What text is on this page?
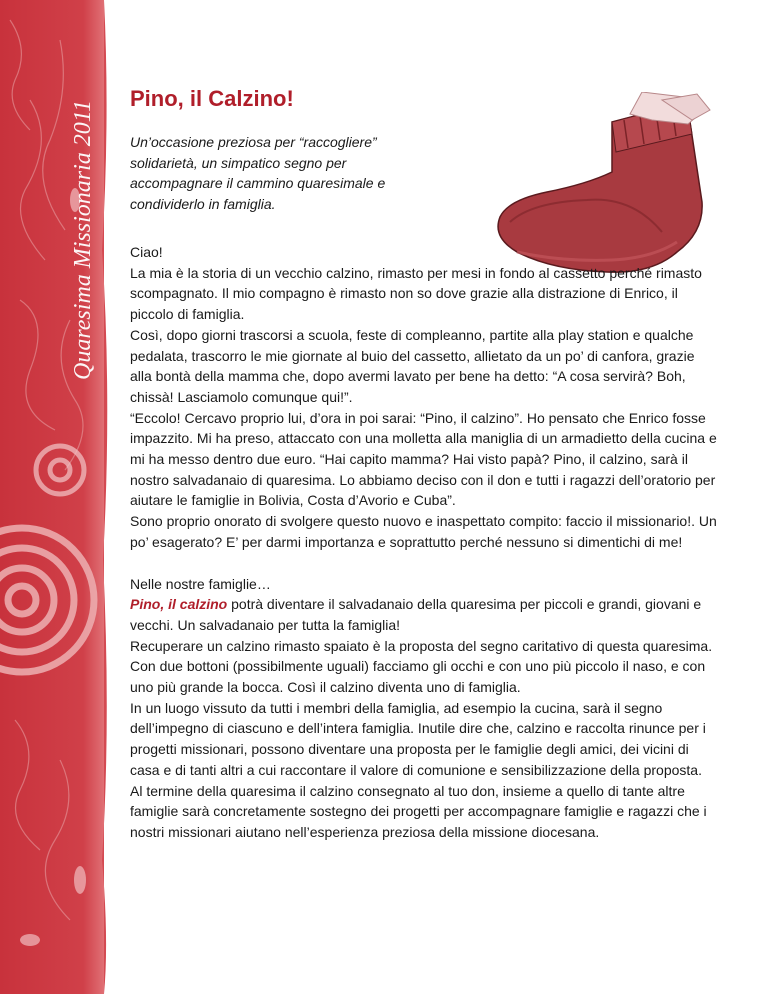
Quaresima Missionaria 2011
Pino, il Calzino!

Un’occasione preziosa per “raccogliere” solidarietà, un simpatico segno per accompagnare il cammino quaresimale e condividerlo in famiglia.

Ciao!
La mia è la storia di un vecchio calzino, rimasto per mesi in fondo al cassetto perché rimasto scompagnato. Il mio compagno è rimasto non so dove grazie alla distrazione di Enrico, il piccolo di famiglia.
Così, dopo giorni trascorsi a scuola, feste di compleanno, partite alla play station e qualche pedalata, trascorro le mie giornate al buio del cassetto, allietato da un po’ di canfora, grazie alla bontà della mamma che, dopo avermi lavato per bene ha detto: “A cosa servirà? Boh, chissà! Lasciamolo comunque qui!”.
“Eccolo! Cercavo proprio lui, d’ora in poi sarai: “Pino, il calzino”. Ho pensato che Enrico fosse impazzito. Mi ha preso, attaccato con una molletta alla maniglia di un armadietto della cucina e mi ha messo dentro due euro. “Hai capito mamma? Hai visto papà? Pino, il calzino, sarà il nostro salvadanaio di quaresima. Lo abbiamo deciso con il don e tutti i ragazzi dell’oratorio per aiutare le famiglie in Bolivia, Costa d’Avorio e Cuba”.
Sono proprio onorato di svolgere questo nuovo e inaspettato compito: faccio il missionario!. Un po’ esagerato? E’ per darmi importanza e soprattutto perché nessuno si dimentichi di me!

Nelle nostre famiglie…

Pino, il calzino potrà diventare il salvadanaio della quaresima per piccoli e grandi, giovani e vecchi. Un salvadanaio per tutta la famiglia!

Recuperare un calzino rimasto spaiato è la proposta del segno caritativo di questa quaresima. Con due bottoni (possibilmente uguali) facciamo gli occhi e con uno più piccolo il naso, e con uno più grande la bocca. Così il calzino diventa uno di famiglia.
In un luogo vissuto da tutti i membri della famiglia, ad esempio la cucina, sarà il segno dell’impegno di ciascuno e dell’intera famiglia. Inutile dire che, calzino e raccolta rinunce per i progetti missionari, possono diventare una proposta per le famiglie degli amici, dei vicini di casa e di tanti altri a cui raccontare il valore di comunione e sensibilizzazione della proposta.
Al termine della quaresima il calzino consegnato al tuo don, insieme a quello di tante altre famiglie sarà concretamente sostegno dei progetti per accompagnare famiglie e ragazzi che i nostri missionari aiutano nell’esperienza preziosa della missione diocesana.
